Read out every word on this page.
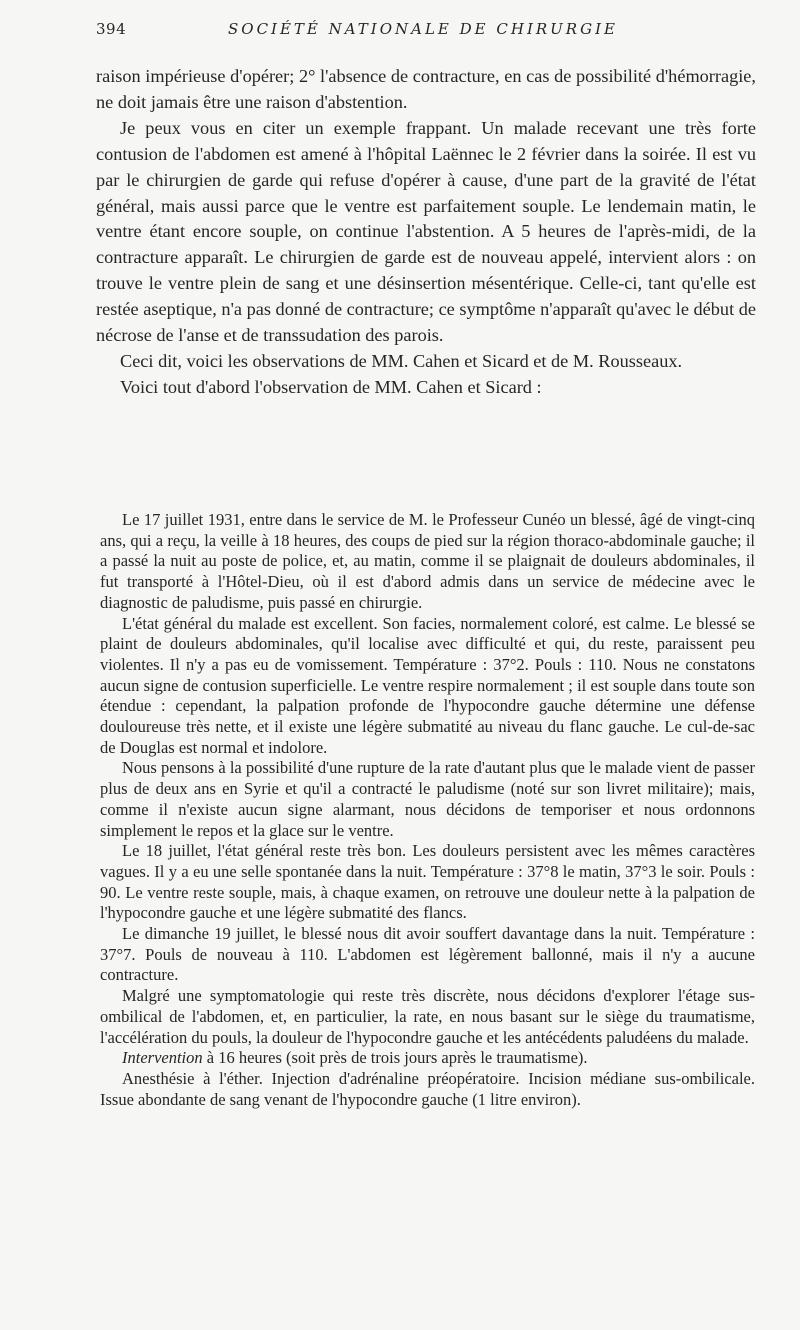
394	SOCIÉTÉ NATIONALE DE CHIRURGIE

raison impérieuse d'opérer; 2° l'absence de contracture, en cas de possibilité d'hémorragie, ne doit jamais être une raison d'abstention.

Je peux vous en citer un exemple frappant. Un malade recevant une très forte contusion de l'abdomen est amené à l'hôpital Laënnec le 2 février dans la soirée. Il est vu par le chirurgien de garde qui refuse d'opérer à cause, d'une part de la gravité de l'état général, mais aussi parce que le ventre est parfaitement souple. Le lendemain matin, le ventre étant encore souple, on continue l'abstention. A 5 heures de l'après-midi, de la contracture apparaît. Le chirurgien de garde est de nouveau appelé, intervient alors : on trouve le ventre plein de sang et une désinsertion mésentérique. Celle-ci, tant qu'elle est restée aseptique, n'a pas donné de contracture; ce symptôme n'apparaît qu'avec le début de nécrose de l'anse et de transsudation des parois.

Ceci dit, voici les observations de MM. Cahen et Sicard et de M. Rousseaux.

Voici tout d'abord l'observation de MM. Cahen et Sicard :

Le 17 juillet 1931, entre dans le service de M. le Professeur Cunéo un blessé, âgé de vingt-cinq ans, qui a reçu, la veille à 18 heures, des coups de pied sur la région thoraco-abdominale gauche; il a passé la nuit au poste de police, et, au matin, comme il se plaignait de douleurs abdominales, il fut transporté à l'Hôtel-Dieu, où il est d'abord admis dans un service de médecine avec le diagnostic de paludisme, puis passé en chirurgie.

L'état général du malade est excellent. Son facies, normalement coloré, est calme. Le blessé se plaint de douleurs abdominales, qu'il localise avec difficulté et qui, du reste, paraissent peu violentes. Il n'y a pas eu de vomissement. Température : 37°2. Pouls : 110. Nous ne constatons aucun signe de contusion superficielle. Le ventre respire normalement ; il est souple dans toute son étendue : cependant, la palpation profonde de l'hypocondre gauche détermine une défense douloureuse très nette, et il existe une légère submatité au niveau du flanc gauche. Le cul-de-sac de Douglas est normal et indolore.

Nous pensons à la possibilité d'une rupture de la rate d'autant plus que le malade vient de passer plus de deux ans en Syrie et qu'il a contracté le paludisme (noté sur son livret militaire); mais, comme il n'existe aucun signe alarmant, nous décidons de temporiser et nous ordonnons simplement le repos et la glace sur le ventre.

Le 18 juillet, l'état général reste très bon. Les douleurs persistent avec les mêmes caractères vagues. Il y a eu une selle spontanée dans la nuit. Température : 37°8 le matin, 37°3 le soir. Pouls : 90. Le ventre reste souple, mais, à chaque examen, on retrouve une douleur nette à la palpation de l'hypocondre gauche et une légère submatité des flancs.

Le dimanche 19 juillet, le blessé nous dit avoir souffert davantage dans la nuit. Température : 37°7. Pouls de nouveau à 110. L'abdomen est légèrement ballonné, mais il n'y a aucune contracture.

Malgré une symptomatologie qui reste très discrète, nous décidons d'explorer l'étage sus-ombilical de l'abdomen, et, en particulier, la rate, en nous basant sur le siège du traumatisme, l'accélération du pouls, la douleur de l'hypocondre gauche et les antécédents paludéens du malade.

Intervention à 16 heures (soit près de trois jours après le traumatisme).

Anesthésie à l'éther. Injection d'adrénaline préopératoire. Incision médiane sus-ombilicale. Issue abondante de sang venant de l'hypocondre gauche (1 litre environ).
